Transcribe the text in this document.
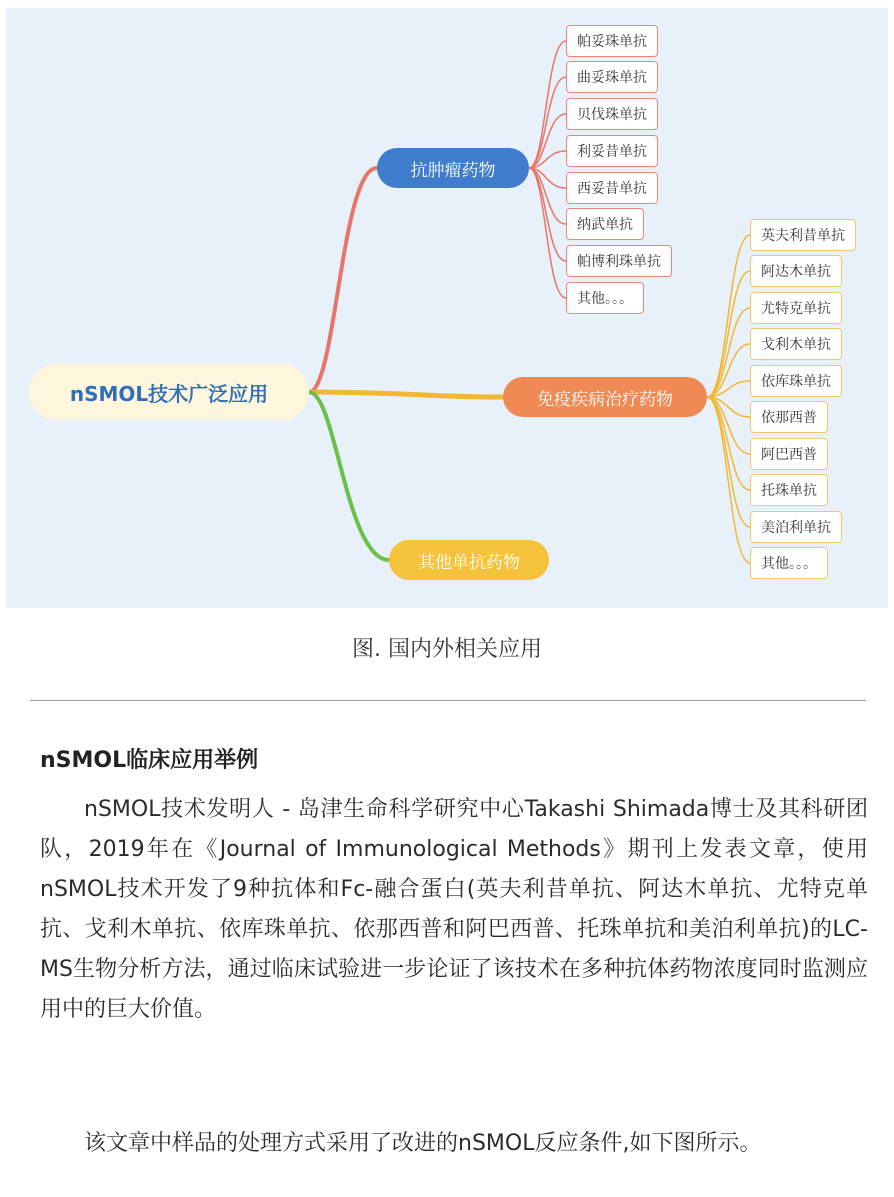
nSMOL技术广泛应用
抗肿瘤药物
免疫疾病治疗药物
其他单抗药物
帕妥珠单抗
曲妥珠单抗
贝伐珠单抗
利妥昔单抗
西妥昔单抗
纳武单抗
帕博利珠单抗
其他。。。
英夫利昔单抗
阿达木单抗
尤特克单抗
戈利木单抗
依库珠单抗
依那西普
阿巴西普
托珠单抗
美泊利单抗
其他。。。
图. 国内外相关应用
nSMOL临床应用举例

nSMOL技术发明人 - 岛津生命科学研究中心Takashi Shimada博士及其科研团队，2019年在《Journal of Immunological Methods》期刊上发表文章，使用nSMOL技术开发了9种抗体和Fc-融合蛋白(英夫利昔单抗、阿达木单抗、尤特克单抗、戈利木单抗、依库珠单抗、依那西普和阿巴西普、托珠单抗和美泊利单抗)的LC-MS生物分析方法，通过临床试验进一步论证了该技术在多种抗体药物浓度同时监测应用中的巨大价值。

该文章中样品的处理方式采用了改进的nSMOL反应条件,如下图所示。
